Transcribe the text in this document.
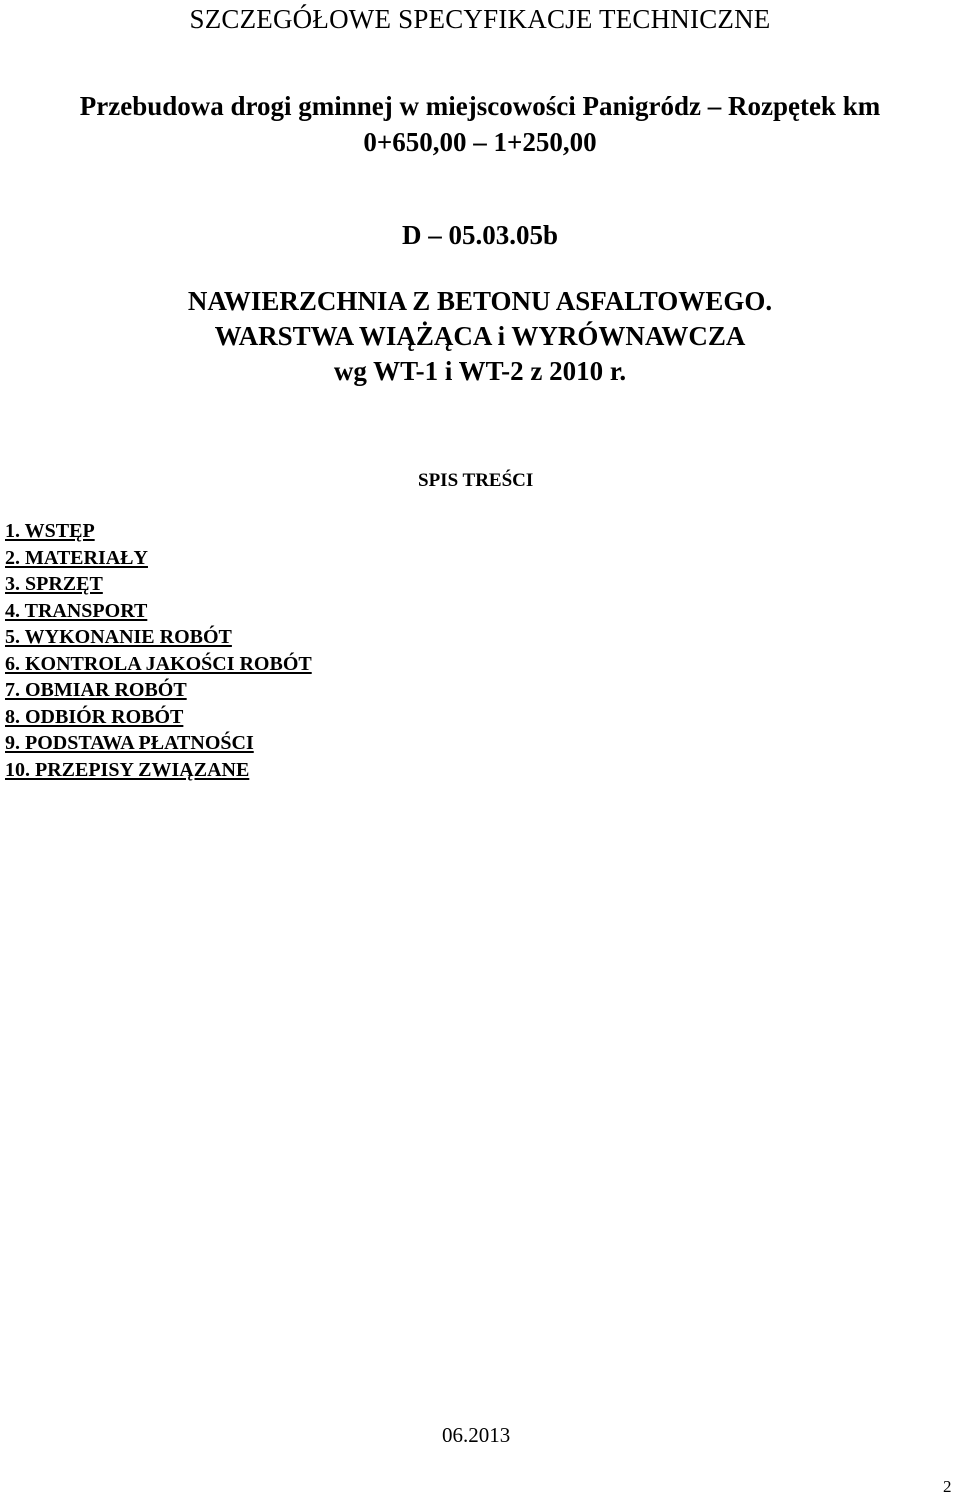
SZCZEGÓŁOWE SPECYFIKACJE TECHNICZNE
Przebudowa drogi gminnej w miejscowości Panigródz – Rozpętek km
0+650,00 – 1+250,00
D – 05.03.05b
NAWIERZCHNIA Z BETONU ASFALTOWEGO.
WARSTWA WIĄŻĄCA i WYRÓWNAWCZA
wg WT-1 i WT-2 z 2010 r.
SPIS TREŚCI
1. WSTĘP
2. MATERIAŁY
3. SPRZĘT
4. TRANSPORT
5. WYKONANIE ROBÓT
6. KONTROLA JAKOŚCI ROBÓT
7. OBMIAR ROBÓT
8. ODBIÓR ROBÓT
9. PODSTAWA PŁATNOŚCI
10. PRZEPISY ZWIĄZANE
06.2013
2
